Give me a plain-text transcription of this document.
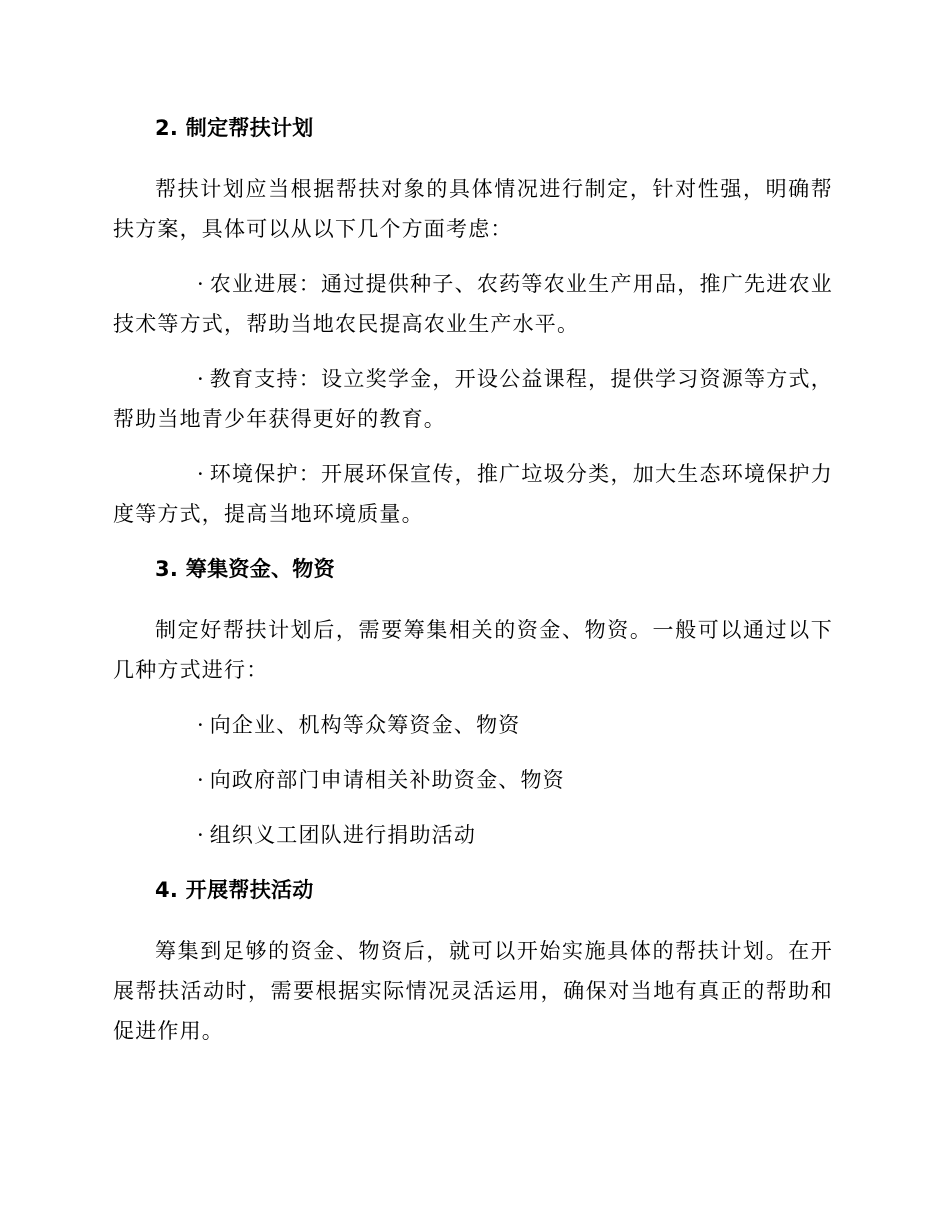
2. 制定帮扶计划

帮扶计划应当根据帮扶对象的具体情况进行制定，针对性强，明确帮扶方案，具体可以从以下几个方面考虑：

· 农业进展：通过提供种子、农药等农业生产用品，推广先进农业技术等方式，帮助当地农民提高农业生产水平。

· 教育支持：设立奖学金，开设公益课程，提供学习资源等方式，帮助当地青少年获得更好的教育。

· 环境保护：开展环保宣传，推广垃圾分类，加大生态环境保护力度等方式，提高当地环境质量。

3. 筹集资金、物资

制定好帮扶计划后，需要筹集相关的资金、物资。一般可以通过以下几种方式进行：

· 向企业、机构等众筹资金、物资

· 向政府部门申请相关补助资金、物资

· 组织义工团队进行捐助活动

4. 开展帮扶活动

筹集到足够的资金、物资后，就可以开始实施具体的帮扶计划。在开展帮扶活动时，需要根据实际情况灵活运用，确保对当地有真正的帮助和促进作用。
